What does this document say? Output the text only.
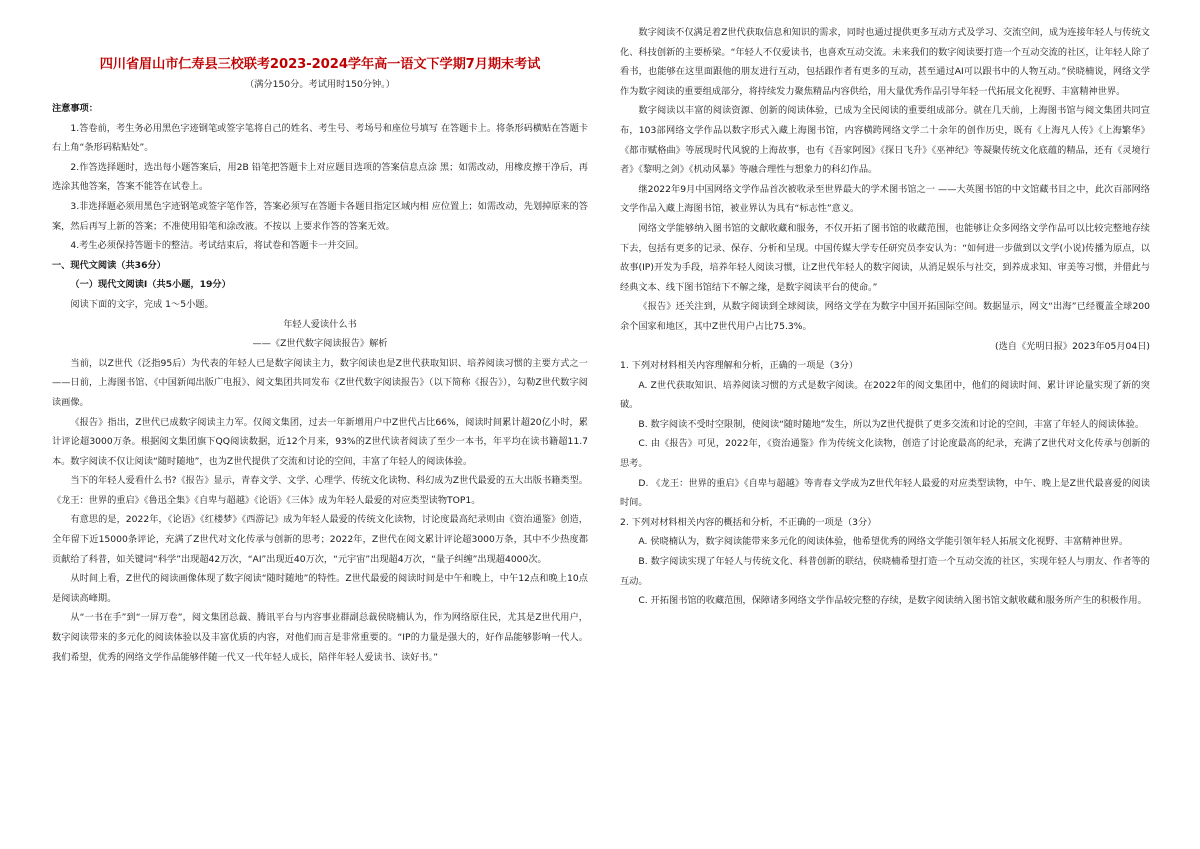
四川省眉山市仁寿县三校联考2023-2024学年高一语文下学期7月期末考试

（满分150分。考试用时150分钟。）

注意事项：

1.答卷前，考生务必用黑色字迹钢笔或签字笔将自己的姓名、考生号、考场号和座位号填写 在答题卡上。将条形码横贴在答题卡右上角“条形码粘贴处”。

2.作答选择题时，选出每小题答案后，用2B 铅笔把答题卡上对应题目选项的答案信息点涂 黑；如需改动，用橡皮擦干净后，再选涂其他答案，答案不能答在试卷上。

3.非选择题必须用黑色字迹钢笔或签字笔作答，答案必须写在答题卡各题目指定区域内相 应位置上；如需改动，先划掉原来的答案，然后再写上新的答案；不准使用铅笔和涂改液。不按以 上要求作答的答案无效。

4.考生必须保持答题卡的整洁。考试结束后，将试卷和答题卡一并交回。

一、现代文阅读（共36分）

（一）现代文阅读I（共5小题，19分）

阅读下面的文字，完成 1～5小题。

年轻人爱读什么书

——《Z世代数字阅读报告》解析

当前，以Z世代（泛指95后）为代表的年轻人已是数字阅读主力，数字阅读也是Z世代获取知识、培养阅读习惯的主要方式之一 ——日前，上海图书馆、《中国新闻出版广电报》、阅文集团共同发布《Z世代数字阅读报告》（以下简称《报告》），勾勒Z世代数字阅读画像。

《报告》指出，Z世代已成数字阅读主力军。仅阅文集团，过去一年新增用户中Z世代占比66%，阅读时间累计超20亿小时，累计评论超3000万条。根据阅文集团旗下QQ阅读数据，近12个月来，93%的Z世代读者阅读了至少一本书，年平均在读书籍超11.7本。数字阅读不仅让阅读“随时随地”，也为Z世代提供了交流和讨论的空间，丰富了年轻人的阅读体验。

当下的年轻人爱看什么书?《报告》显示，青春文学、文学、心理学、传统文化读物、科幻成为Z世代最爱的五大出版书籍类型。《龙王：世界的重启》《鲁迅全集》《自卑与超越》《论语》《三体》成为年轻人最爱的对应类型读物TOP1。

有意思的是，2022年，《论语》《红楼梦》《西游记》成为年轻人最爱的传统文化读物，讨论度最高纪录则由《资治通鉴》创造，全年留下近15000条评论，充满了Z世代对文化传承与创新的思考；2022年，Z世代在阅文累计评论超3000万条，其中不少热度都贡献给了科普，如关键词“科学”出现超42万次，“AI”出现近40万次，“元宇宙”出现超4万次，“量子纠缠”出现超4000次。

从时间上看，Z世代的阅读画像体现了数字阅读“随时随地”的特性。Z世代最爱的阅读时间是中午和晚上，中午12点和晚上10点是阅读高峰期。

从“一书在手”到“一屏万卷”，阅文集团总裁、腾讯平台与内容事业群副总裁侯晓楠认为，作为网络原住民，尤其是Z世代用户，数字阅读带来的多元化的阅读体验以及丰富优质的内容，对他们而言是非常重要的。“IP的力量是强大的，好作品能够影响一代人。我们希望，优秀的网络文学作品能够伴随一代又一代年轻人成长，陪伴年轻人爱读书、读好书。”

数字阅读不仅满足着Z世代获取信息和知识的需求，同时也通过提供更多互动方式及学习、交流空间，成为连接年轻人与传统文化、科技创新的主要桥梁。“年轻人不仅爱读书，也喜欢互动交流。未来我们的数字阅读要打造一个互动交流的社区，让年轻人除了看书，也能够在这里面跟他的朋友进行互动，包括跟作者有更多的互动，甚至通过AI可以跟书中的人物互动。”侯晓楠说，网络文学作为数字阅读的重要组成部分，将持续发力聚焦精品内容供给，用大量优秀作品引导年轻一代拓展文化视野、丰富精神世界。

数字阅读以丰富的阅读资源、创新的阅读体验，已成为全民阅读的重要组成部分。就在几天前，上海图书馆与阅文集团共同宣布，103部网络文学作品以数字形式入藏上海图书馆，内容横跨网络文学二十余年的创作历史，既有《上海凡人传》《上海繁华》《都市赋格曲》等展现时代风貌的上海故事，也有《吾家阿囡》《探日飞升》《巫神纪》等凝聚传统文化底蕴的精品，还有《灵境行者》《黎明之剑》《机动风暴》等融合理性与想象力的科幻作品。

继2022年9月中国网络文学作品首次被收录至世界最大的学术图书馆之一 ——大英图书馆的中文馆藏书目之中，此次百部网络文学作品入藏上海图书馆，被业界认为具有“标志性”意义。

网络文学能够纳入图书馆的文献收藏和服务，不仅开拓了图书馆的收藏范围，也能够让众多网络文学作品可以比较完整地存续下去，包括有更多的记录、保存、分析和呈现。中国传媒大学专任研究员李安认为：“如何进一步做到以文学(小说)传播为原点，以故事(IP)开发为手段，培养年轻人阅读习惯，让Z世代年轻人的数字阅读，从消足娱乐与社交，到养成求知、审美等习惯，并借此与经典文本、线下图书馆结下不解之缘，是数字阅读平台的使命。”

《报告》还关注到，从数字阅读到全球阅读，网络文学在为数字中国开拓国际空间。数据显示，网文“出海”已经覆盖全球200余个国家和地区，其中Z世代用户占比75.3%。

(选自《光明日报》2023年05月04日)

1. 下列对材料相关内容理解和分析，正确的一项是（3分）

A. Z世代获取知识、培养阅读习惯的方式是数字阅读。在2022年的阅文集团中，他们的阅读时间、累计评论量实现了新的突破。

B. 数字阅读不受时空限制，使阅读“随时随地”发生，所以为Z世代提供了更多交流和讨论的空间，丰富了年轻人的阅读体验。

C. 由《报告》可见，2022年，《资治通鉴》作为传统文化读物，创造了讨论度最高的纪录，充满了Z世代对文化传承与创新的思考。

D. 《龙王：世界的重启》《自卑与超越》等青春文学成为Z世代年轻人最爱的对应类型读物，中午、晚上是Z世代最喜爱的阅读时间。

2. 下列对材料相关内容的概括和分析，不正确的一项是（3分）

A. 侯晓楠认为，数字阅读能带来多元化的阅读体验，他希望优秀的网络文学能引领年轻人拓展文化视野、丰富精神世界。

B. 数字阅读实现了年轻人与传统文化、科普创新的联结，侯晓楠希望打造一个互动交流的社区，实现年轻人与朋友、作者等的互动。

C. 开拓图书馆的收藏范围，保障诸多网络文学作品较完整的存续，是数字阅读纳入图书馆文献收藏和服务所产生的积极作用。
